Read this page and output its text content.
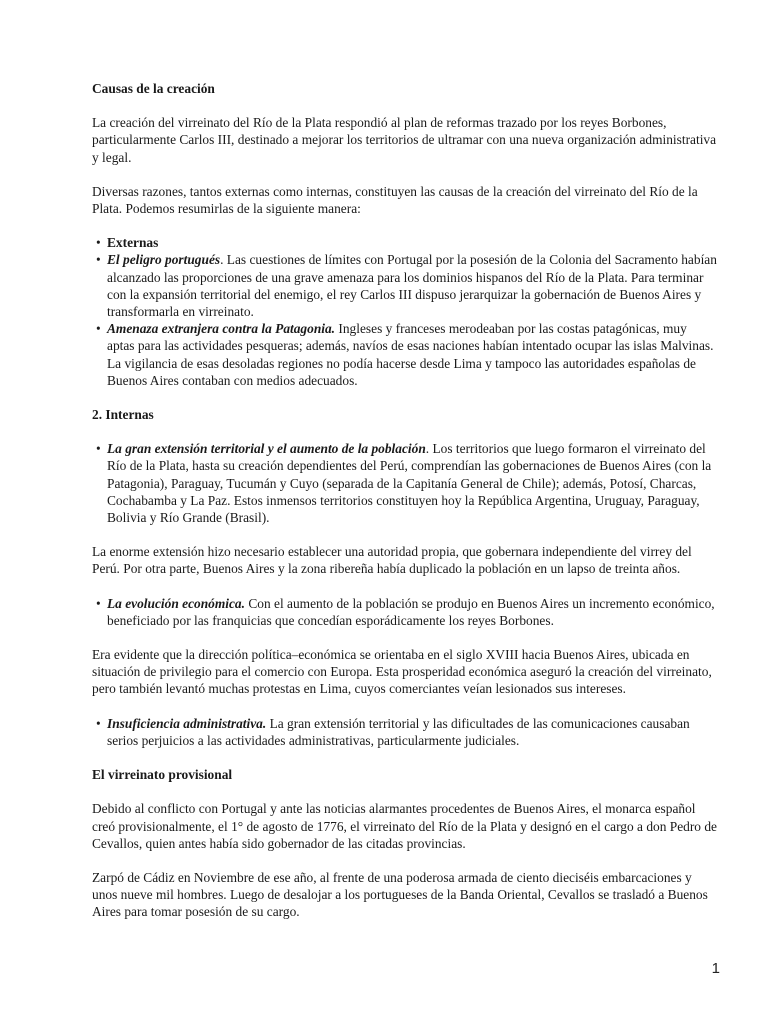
Causas de la creación

La creación del virreinato del Río de la Plata respondió al plan de reformas trazado por los reyes Borbones, particularmente Carlos III, destinado a mejorar los territorios de ultramar con una nueva organización administrativa y legal.

Diversas razones, tantos externas como internas, constituyen las causas de la creación del virreinato del Río de la Plata. Podemos resumirlas de la siguiente manera:

• Externas
• El peligro portugués. Las cuestiones de límites con Portugal por la posesión de la Colonia del Sacramento habían alcanzado las proporciones de una grave amenaza para los dominios hispanos del Río de la Plata. Para terminar con la expansión territorial del enemigo, el rey Carlos III dispuso jerarquizar la gobernación de Buenos Aires y transformarla en virreinato.
• Amenaza extranjera contra la Patagonia. Ingleses y franceses merodeaban por las costas patagónicas, muy aptas para las actividades pesqueras; además, navíos de esas naciones habían intentado ocupar las islas Malvinas. La vigilancia de esas desoladas regiones no podía hacerse desde Lima y tampoco las autoridades españolas de Buenos Aires contaban con medios adecuados.
2. Internas
• La gran extensión territorial y el aumento de la población. Los territorios que luego formaron el virreinato del Río de la Plata, hasta su creación dependientes del Perú, comprendían las gobernaciones de Buenos Aires (con la Patagonia), Paraguay, Tucumán y Cuyo (separada de la Capitanía General de Chile); además, Potosí, Charcas, Cochabamba y La Paz. Estos inmensos territorios constituyen hoy la República Argentina, Uruguay, Paraguay, Bolivia y Río Grande (Brasil).

La enorme extensión hizo necesario establecer una autoridad propia, que gobernara independiente del virrey del Perú. Por otra parte, Buenos Aires y la zona ribereña había duplicado la población en un lapso de treinta años.

• La evolución económica. Con el aumento de la población se produjo en Buenos Aires un incremento económico, beneficiado por las franquicias que concedían esporádicamente los reyes Borbones.

Era evidente que la dirección política–económica se orientaba en el siglo XVIII hacia Buenos Aires, ubicada en situación de privilegio para el comercio con Europa. Esta prosperidad económica aseguró la creación del virreinato, pero también levantó muchas protestas en Lima, cuyos comerciantes veían lesionados sus intereses.

• Insuficiencia administrativa. La gran extensión territorial y las dificultades de las comunicaciones causaban serios perjuicios a las actividades administrativas, particularmente judiciales.
El virreinato provisional

Debido al conflicto con Portugal y ante las noticias alarmantes procedentes de Buenos Aires, el monarca español creó provisionalmente, el 1° de agosto de 1776, el virreinato del Río de la Plata y designó en el cargo a don Pedro de Cevallos, quien antes había sido gobernador de las citadas provincias.

Zarpó de Cádiz en Noviembre de ese año, al frente de una poderosa armada de ciento dieciséis embarcaciones y unos nueve mil hombres. Luego de desalojar a los portugueses de la Banda Oriental, Cevallos se trasladó a Buenos Aires para tomar posesión de su cargo.

1
